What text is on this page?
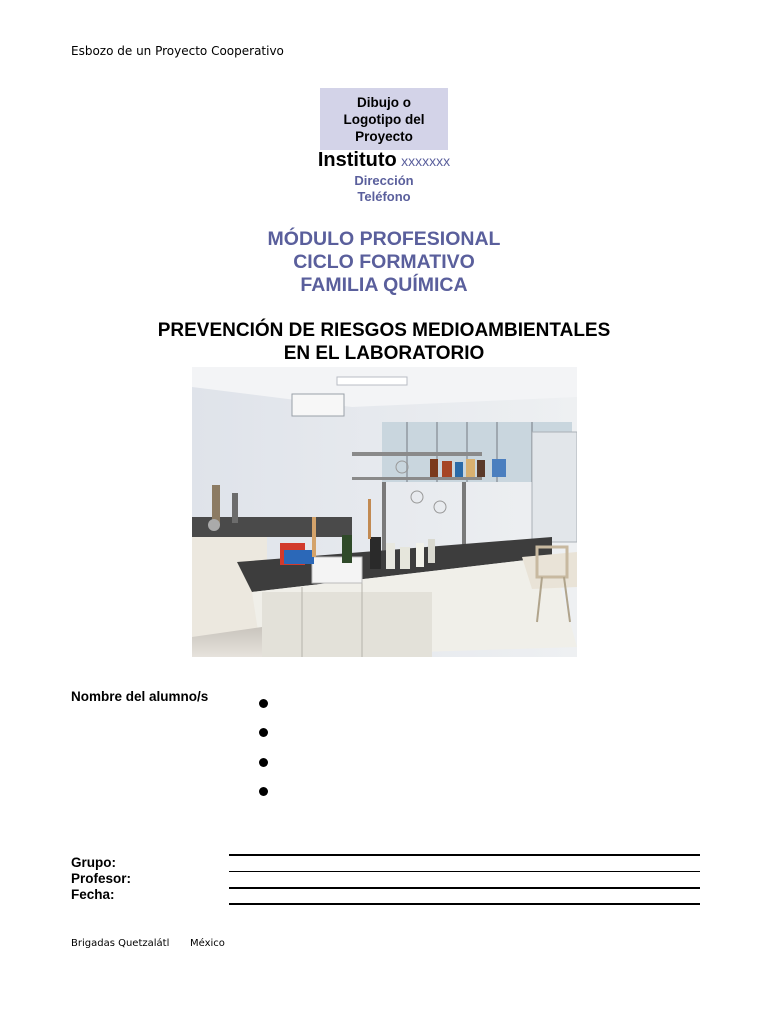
Esbozo de un Proyecto Cooperativo
Dibujo o
Logotipo del
Proyecto
Instituto xxxxxxx
Dirección
Teléfono
MÓDULO PROFESIONAL
CICLO FORMATIVO
FAMILIA QUÍMICA
PREVENCIÓN DE RIESGOS MEDIOAMBIENTALES
EN EL LABORATORIO
Nombre del alumno/s
Grupo:
Profesor:
Fecha:
Brigadas Quetzalátl México
